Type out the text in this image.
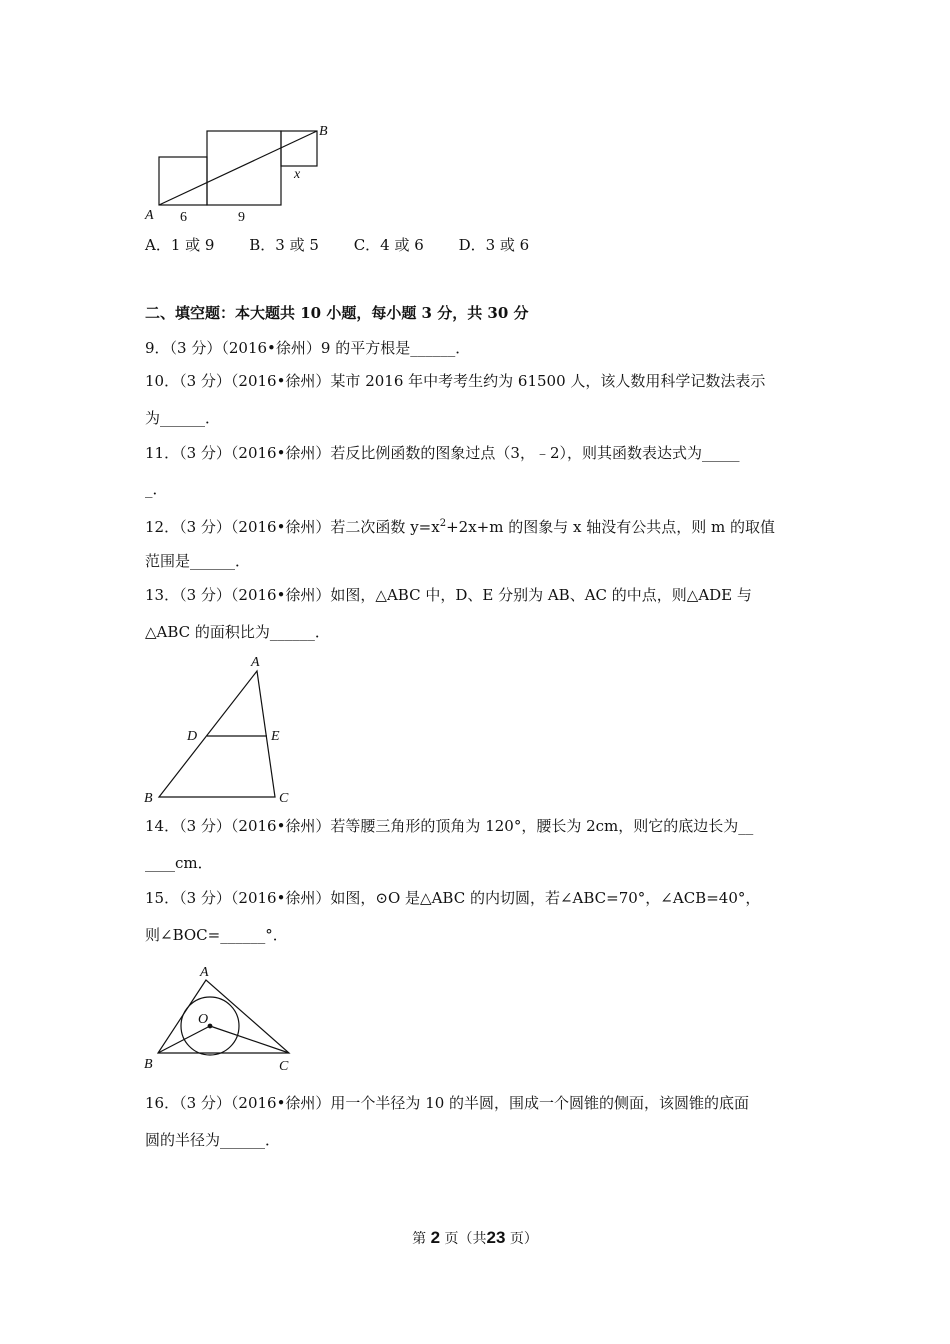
A
B
x
6	9
A．1 或 9 B．3 或 5 C．4 或 6 D．3 或 6
二、填空题：本大题共 10 小题，每小题 3 分，共 30 分
9．（3 分）（2016•徐州）9 的平方根是______．
10．（3 分）（2016•徐州）某市 2016 年中考考生约为 61500 人，该人数用科学记数法表示
为______．
11．（3 分）（2016•徐州）若反比例函数的图象过点（3，﹣2），则其函数表达式为_____
_．
12．（3 分）（2016•徐州）若二次函数 $y=x^2+2x+m$ 的图象与 x 轴没有公共点，则 m 的取值
范围是______．
13．（3 分）（2016•徐州）如图，△ABC 中，D、E 分别为 AB、AC 的中点，则△ADE 与
△ABC 的面积比为______．
A
B	C
D	E
14．（3 分）（2016•徐州）若等腰三角形的顶角为 120°，腰长为 2cm，则它的底边长为__
____cm．
15．（3 分）（2016•徐州）如图，⊙O 是△ABC 的内切圆，若∠ABC=70°，∠ACB=40°，
则∠BOC=______°．
A
B	C
O
16．（3 分）（2016•徐州）用一个半径为 10 的半圆，围成一个圆锥的侧面，该圆锥的底面
圆的半径为______．
第 2 页（共23 页）
